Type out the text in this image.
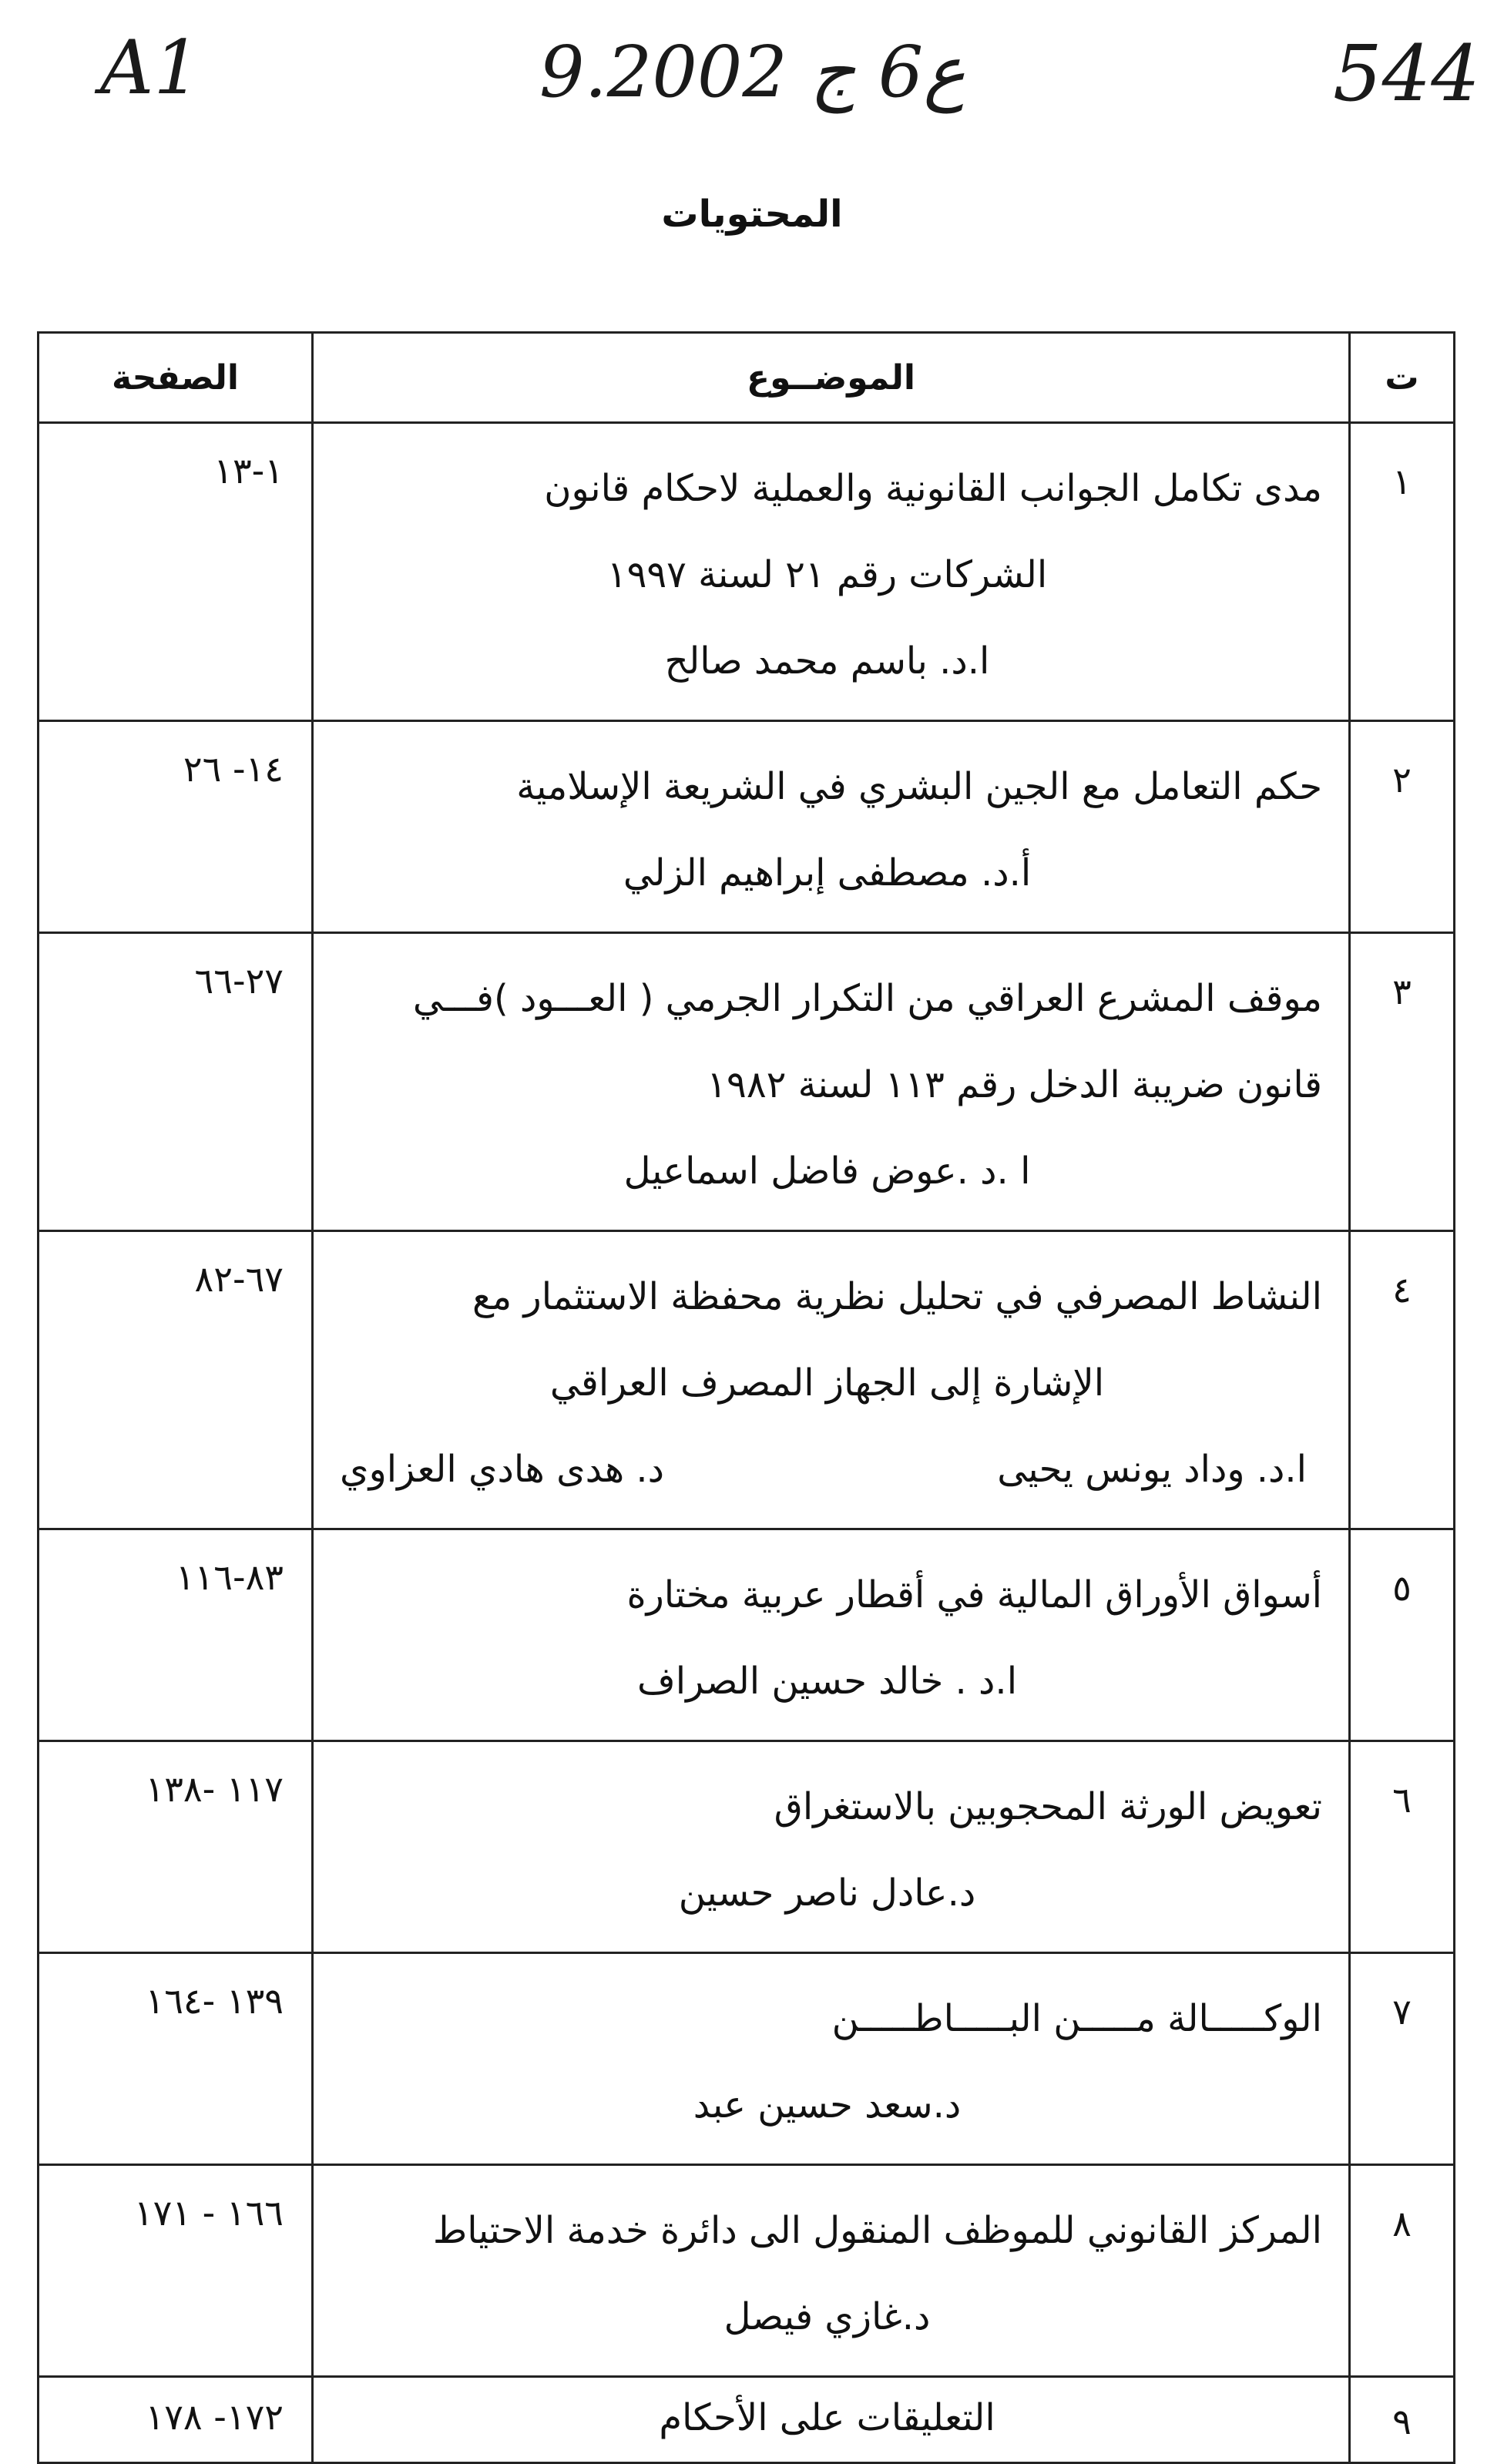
A1	9.ع6 ج 2002	544
المحتويات
ت	الموضــوع	الصفحة
١	مدى تكامل الجوانب القانونية والعملية لاحكام قانون
الشركات رقم ٢١ لسنة ١٩٩٧
ا.د. باسم محمد صالح	١-١٣
٢	حكم التعامل مع الجين البشري في الشريعة الإسلامية
أ.د. مصطفى إبراهيم الزلي	١٤- ٢٦
٣	موقف المشرع العراقي من التكرار الجرمي ( العـــود )فـــي
قانون ضريبة الدخل رقم ١١٣ لسنة ١٩٨٢
ا .د .عوض فاضل اسماعيل	٢٧-٦٦
٤	النشاط المصرفي في تحليل نظرية محفظة الاستثمار مع
الإشارة إلى الجهاز المصرف العراقي
ا.د. وداد يونس يحيى
د. هدى هادي العزاوي	٦٧-٨٢
٥	أسواق الأوراق المالية في أقطار عربية مختارة
ا.د . خالد حسين الصراف	٨٣-١١٦
٦	تعويض الورثة المحجوبين بالاستغراق
د.عادل ناصر حسين	١١٧ -١٣٨
٧	الوكـــــالة مـــــن البـــــاطـــــن
د.سعد حسين عبد	١٣٩ -١٦٤
٨	المركز القانوني للموظف المنقول الى دائرة خدمة الاحتياط
د.غازي فيصل	١٦٦ - ١٧١
٩	التعليقات على الأحكام	١٧٢- ١٧٨
